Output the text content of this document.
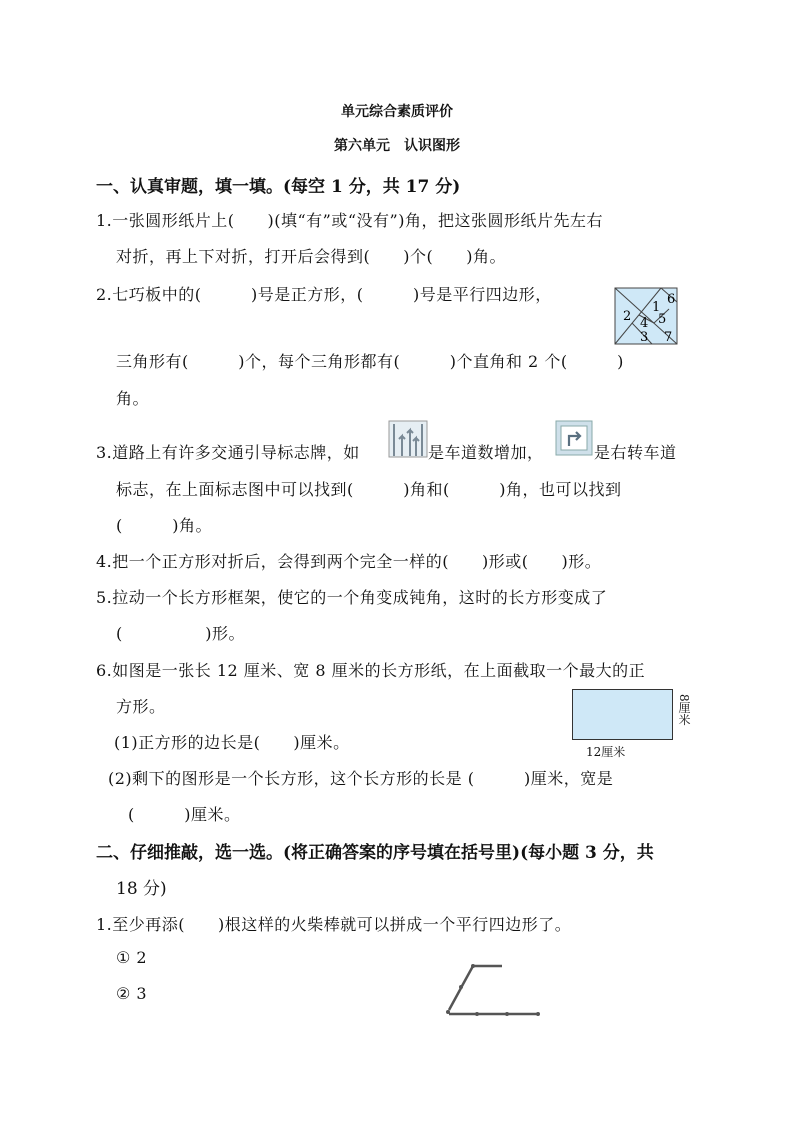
单元综合素质评价
第六单元　认识图形
一、认真审题，填一填。(每空 1 分，共 17 分)
1.一张圆形纸片上(　　)(填“有”或“没有”)角，把这张圆形纸片先左右
对折，再上下对折，打开后会得到(　　)个(　　)角。
2.七巧板中的(　　　)号是正方形，(　　　)号是平行四边形，
1
2
3
4 5
6
7
三角形有(　　　)个，每个三角形都有(　　　)个直角和 2 个(　　　)
角。
3.道路上有许多交通引导标志牌，如	是车道数增加，	是右转车道
标志，在上面标志图中可以找到(　　　)角和(　　　)角，也可以找到
(　　　)角。
4.把一个正方形对折后，会得到两个完全一样的(　　)形或(　　)形。
5.拉动一个长方形框架，使它的一个角变成钝角，这时的长方形变成了
(　　　　　)形。
6.如图是一张长 12 厘米、宽 8 厘米的长方形纸，在上面截取一个最大的正
方形。
12厘米
8厘米
(1)正方形的边长是(　　)厘米。
(2)剩下的图形是一个长方形，这个长方形的长是 (　　　)厘米，宽是
(　　　)厘米。
二、仔细推敲，选一选。(将正确答案的序号填在括号里)(每小题 3 分，共
18 分)
1.至少再添(　　)根这样的火柴棒就可以拼成一个平行四边形了。
① 2
② 3
